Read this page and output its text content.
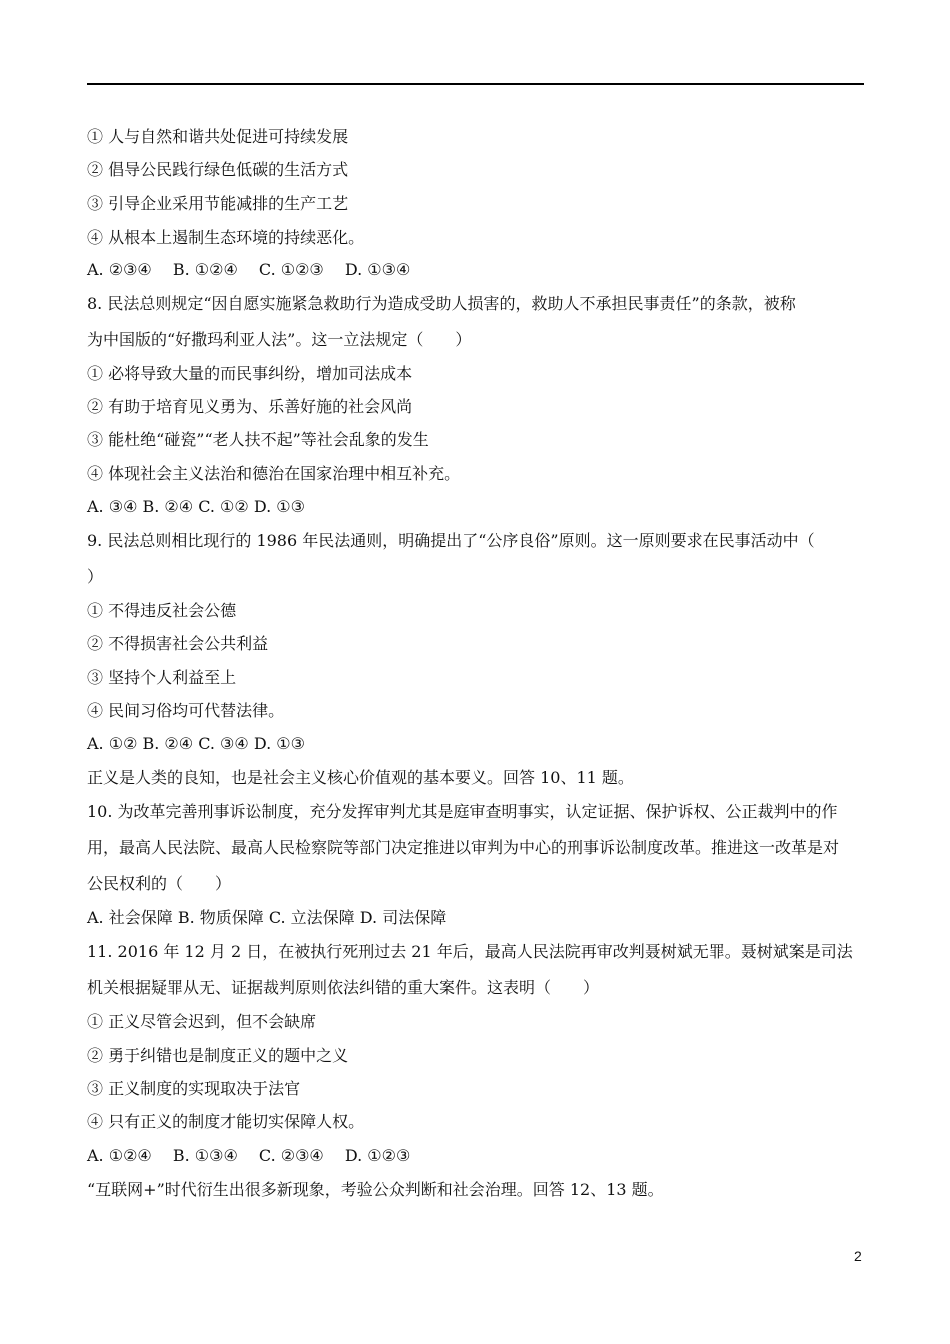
① 人与自然和谐共处促进可持续发展
② 倡导公民践行绿色低碳的生活方式
③ 引导企业采用节能减排的生产工艺
④ 从根本上遏制生态环境的持续恶化。
A. ②③④　 B. ①②④　 C. ①②③　 D. ①③④
8. 民法总则规定“因自愿实施紧急救助行为造成受助人损害的，救助人不承担民事责任”的条款，被称
为中国版的“好撒玛利亚人法”。这一立法规定（　　）
① 必将导致大量的而民事纠纷，增加司法成本
② 有助于培育见义勇为、乐善好施的社会风尚
③ 能杜绝“碰瓷”“老人扶不起”等社会乱象的发生
④ 体现社会主义法治和德治在国家治理中相互补充。
A. ③④ B. ②④ C. ①② D. ①③
9. 民法总则相比现行的 1986 年民法通则，明确提出了“公序良俗”原则。这一原则要求在民事活动中（
）
① 不得违反社会公德
② 不得损害社会公共利益
③ 坚持个人利益至上
④ 民间习俗均可代替法律。
A. ①② B. ②④ C. ③④ D. ①③
正义是人类的良知，也是社会主义核心价值观的基本要义。回答 10、11 题。
10. 为改革完善刑事诉讼制度，充分发挥审判尤其是庭审查明事实，认定证据、保护诉权、公正裁判中的作
用，最高人民法院、最高人民检察院等部门决定推进以审判为中心的刑事诉讼制度改革。推进这一改革是对
公民权利的（　　）
A. 社会保障 B. 物质保障 C. 立法保障 D. 司法保障
11. 2016 年 12 月 2 日，在被执行死刑过去 21 年后，最高人民法院再审改判聂树斌无罪。聂树斌案是司法
机关根据疑罪从无、证据裁判原则依法纠错的重大案件。这表明（　　）
① 正义尽管会迟到，但不会缺席
② 勇于纠错也是制度正义的题中之义
③ 正义制度的实现取决于法官
④ 只有正义的制度才能切实保障人权。
A. ①②④　 B. ①③④　 C. ②③④　 D. ①②③
“互联网+”时代衍生出很多新现象，考验公众判断和社会治理。回答 12、13 题。
2
